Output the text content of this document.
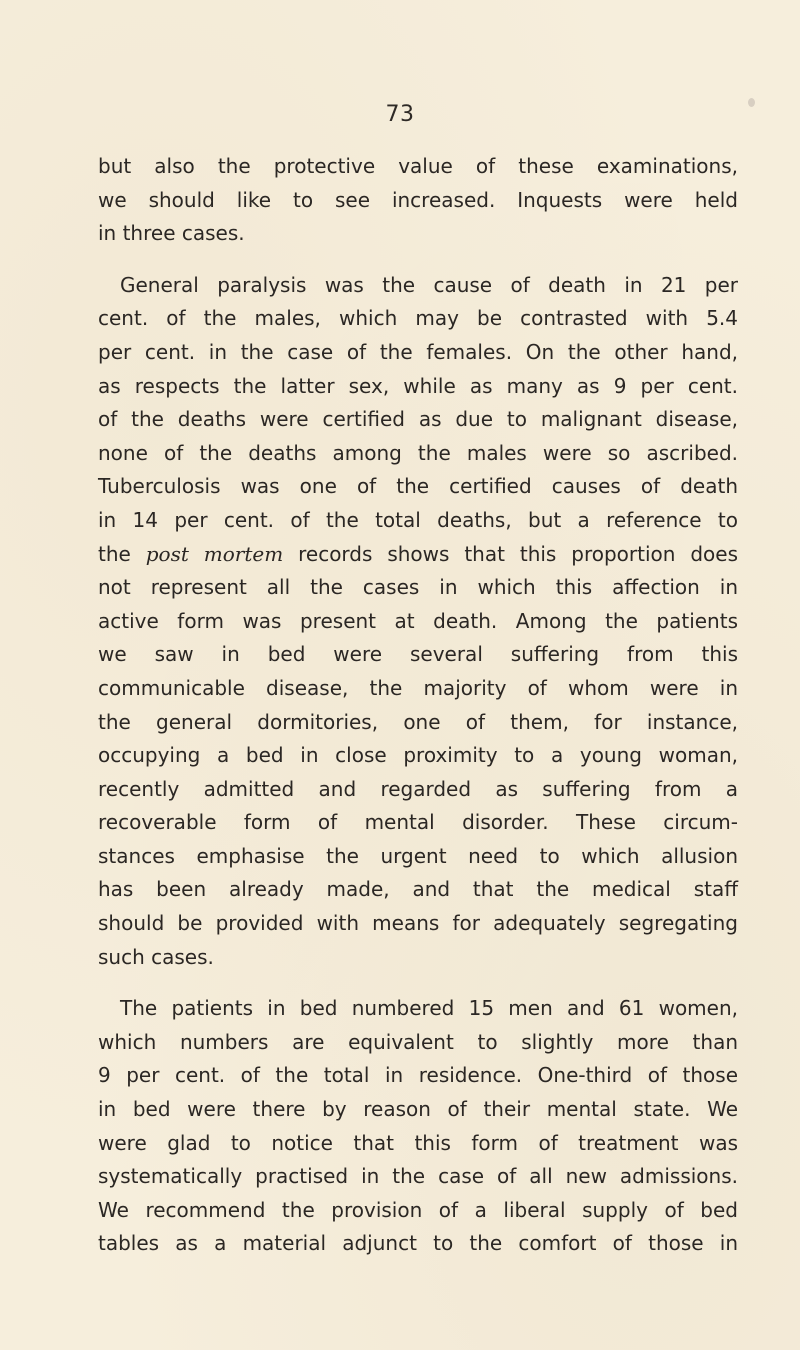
73

but also the protective value of these examinations,
we should like to see increased. Inquests were held
in three cases.

General paralysis was the cause of death in 21 per
cent. of the males, which may be contrasted with 5.4
per cent. in the case of the females. On the other hand,
as respects the latter sex, while as many as 9 per cent.
of the deaths were certified as due to malignant disease,
none of the deaths among the males were so ascribed.
Tuberculosis was one of the certified causes of death
in 14 per cent. of the total deaths, but a reference to
the post mortem records shows that this proportion does
not represent all the cases in which this affection in
active form was present at death. Among the patients
we saw in bed were several suffering from this
communicable disease, the majority of whom were in
the general dormitories, one of them, for instance,
occupying a bed in close proximity to a young woman,
recently admitted and regarded as suffering from a
recoverable form of mental disorder. These circum-
stances emphasise the urgent need to which allusion
has been already made, and that the medical staff
should be provided with means for adequately segregating
such cases.

The patients in bed numbered 15 men and 61 women,
which numbers are equivalent to slightly more than
9 per cent. of the total in residence. One-third of those
in bed were there by reason of their mental state. We
were glad to notice that this form of treatment was
systematically practised in the case of all new admissions.
We recommend the provision of a liberal supply of bed
tables as a material adjunct to the comfort of those in
